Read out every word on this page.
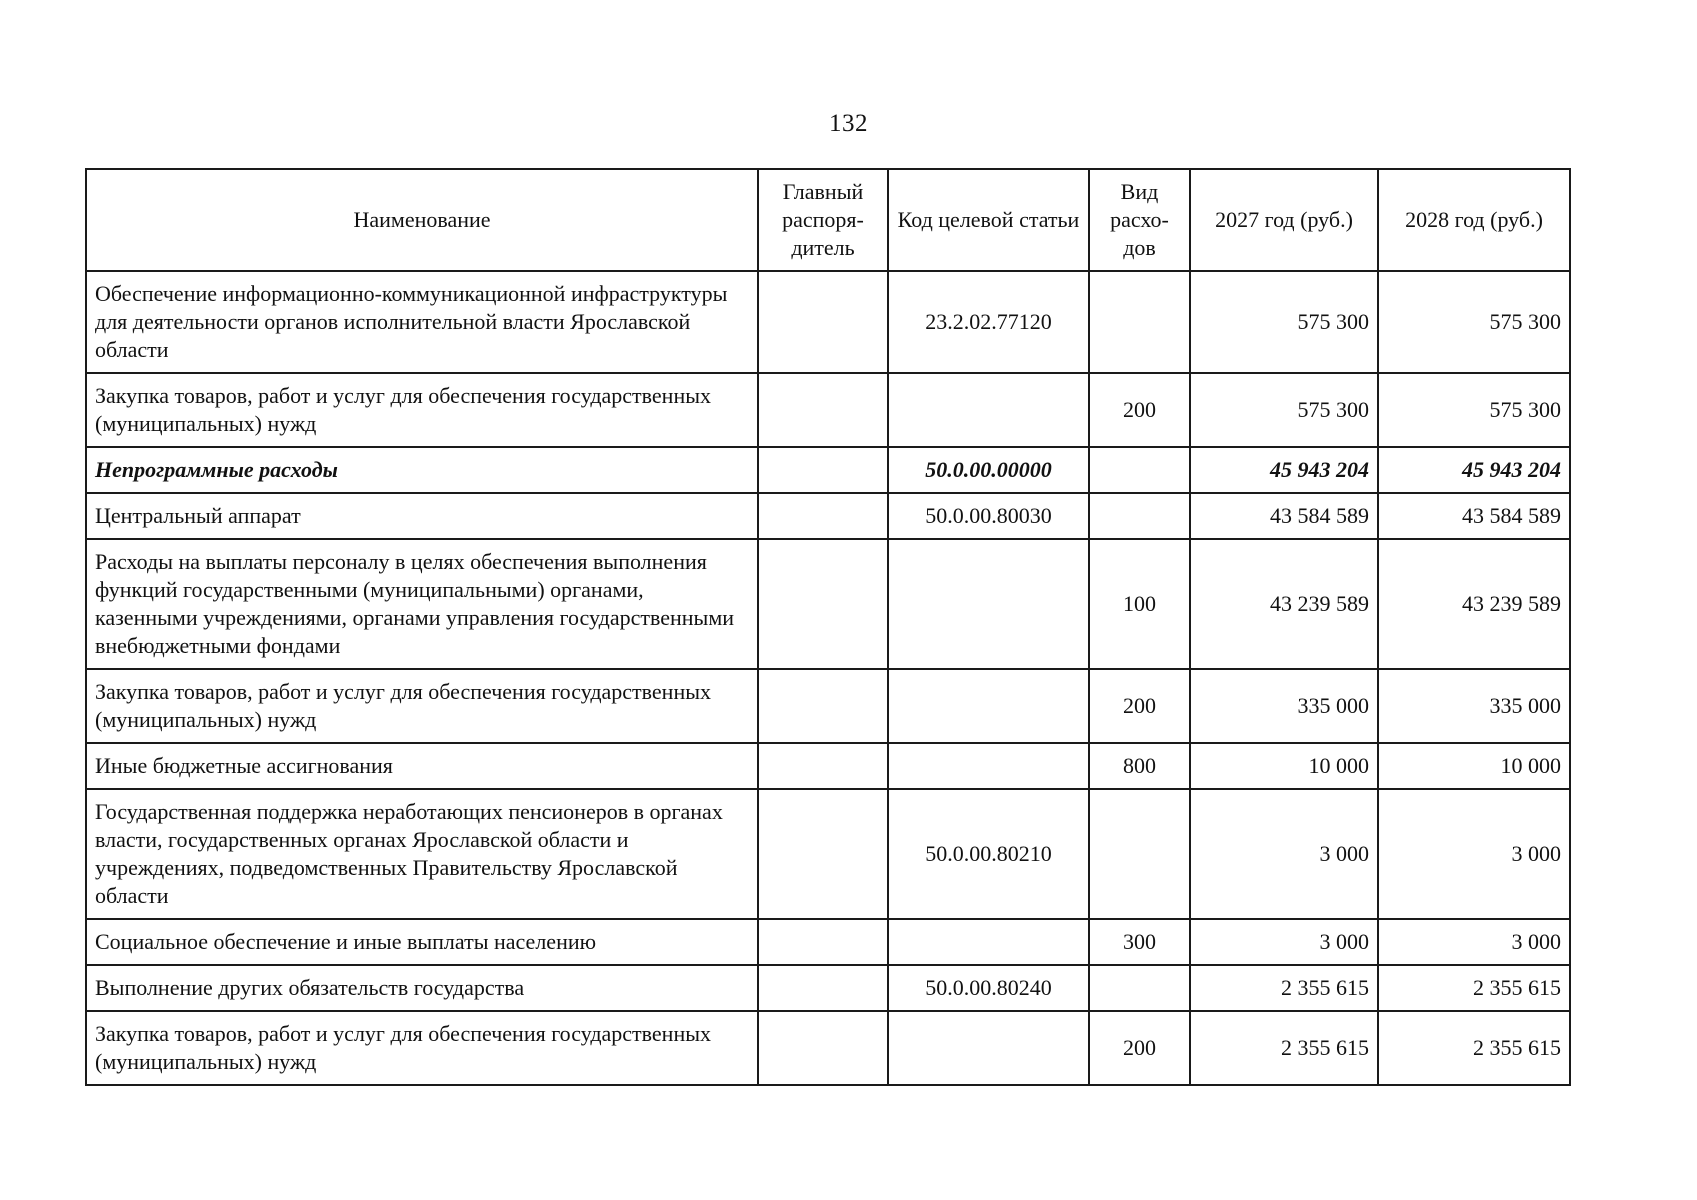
132
Наименование	Главный распоря-дитель	Код целевой статьи	Вид расхо-дов	2027 год (руб.)	2028 год (руб.)
Обеспечение информационно-коммуникационной инфраструктуры для деятельности органов исполнительной власти Ярославской области		23.2.02.77120		575 300	575 300
Закупка товаров, работ и услуг для обеспечения государственных (муниципальных) нужд			200	575 300	575 300
Непрограммные расходы		50.0.00.00000		45 943 204	45 943 204
Центральный аппарат		50.0.00.80030		43 584 589	43 584 589
Расходы на выплаты персоналу в целях обеспечения выполнения функций государственными (муниципальными) органами, казенными учреждениями, органами управления государственными внебюджетными фондами			100	43 239 589	43 239 589
Закупка товаров, работ и услуг для обеспечения государственных (муниципальных) нужд			200	335 000	335 000
Иные бюджетные ассигнования			800	10 000	10 000
Государственная поддержка неработающих пенсионеров в органах власти, государственных органах Ярославской области и учреждениях, подведомственных Правительству Ярославской области		50.0.00.80210		3 000	3 000
Социальное обеспечение и иные выплаты населению			300	3 000	3 000
Выполнение других обязательств государства		50.0.00.80240		2 355 615	2 355 615
Закупка товаров, работ и услуг для обеспечения государственных (муниципальных) нужд			200	2 355 615	2 355 615
